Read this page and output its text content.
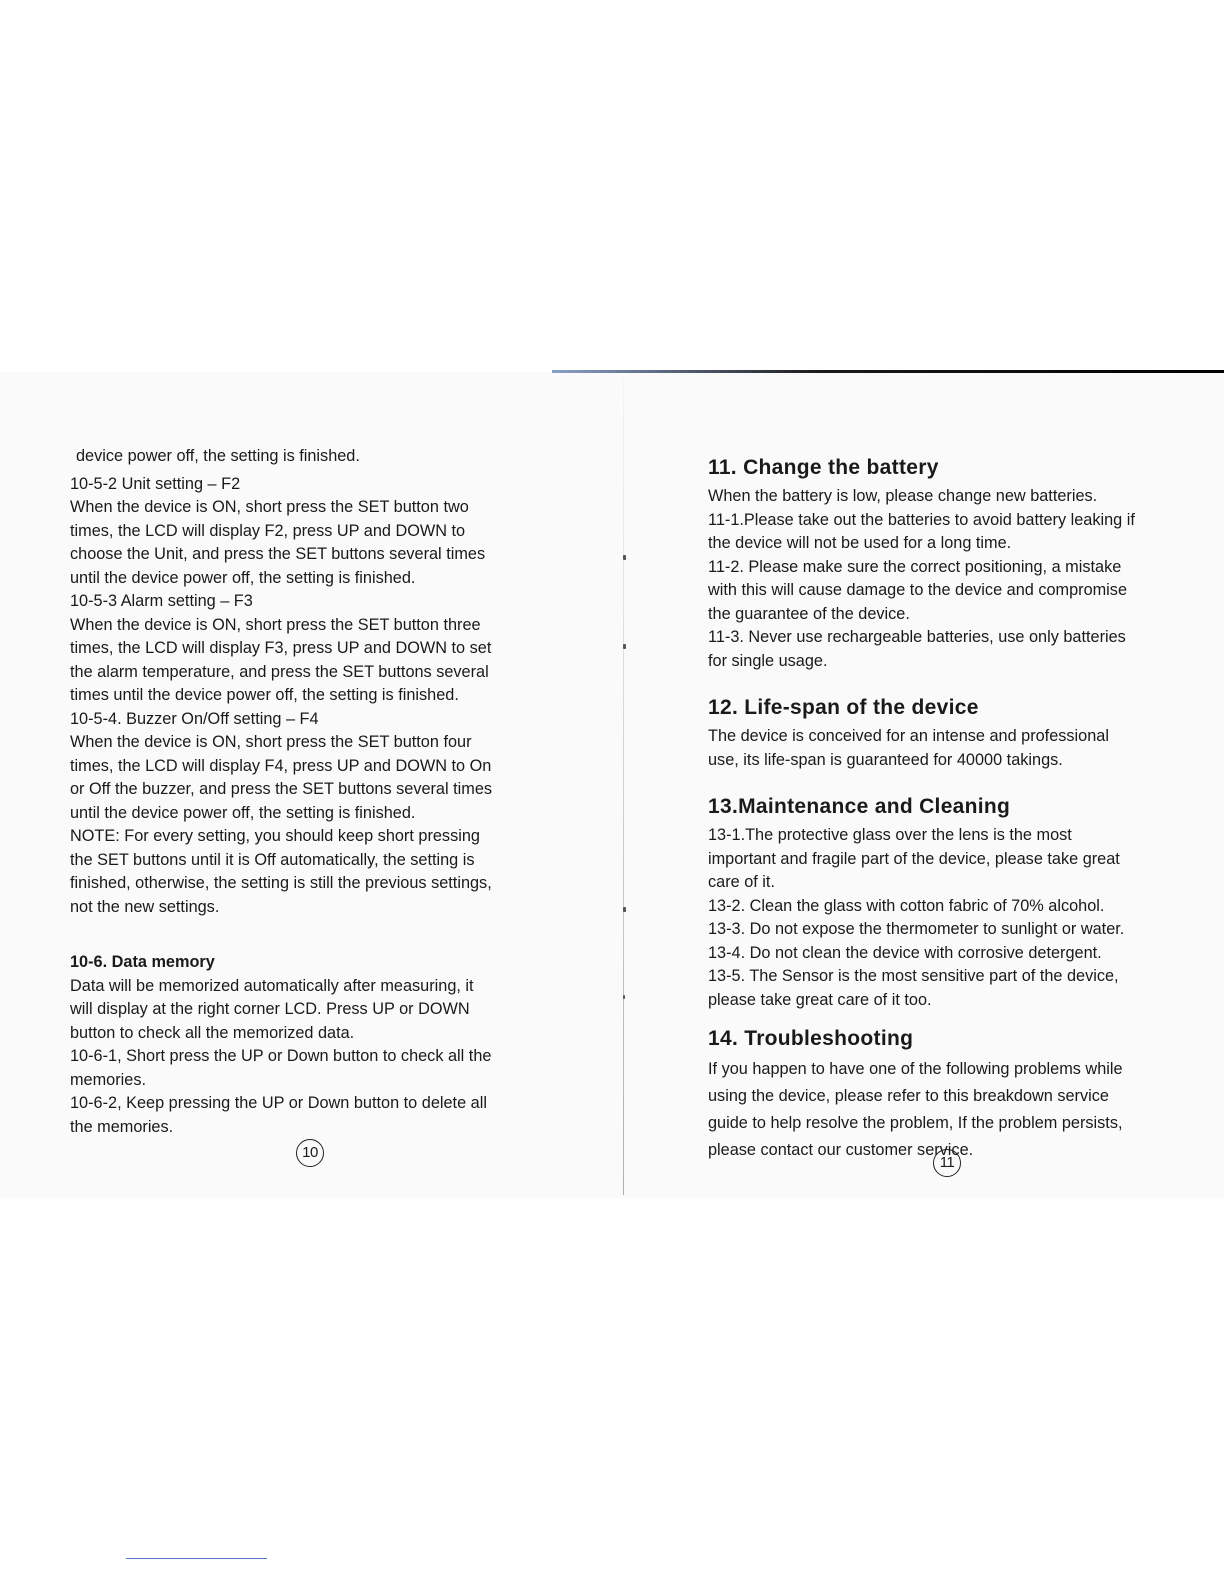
device power off, the setting is finished.

10-5-2 Unit setting – F2

When the device is ON, short press the SET button two
times, the LCD will display F2, press UP and DOWN to
choose the Unit, and press the SET buttons several times
until the device power off, the setting is finished.

10-5-3 Alarm setting – F3

When the device is ON, short press the SET button three
times, the LCD will display F3, press UP and DOWN to set
the alarm temperature, and press the SET buttons several
times until the device power off, the setting is finished.

10-5-4. Buzzer On/Off setting – F4

When the device is ON, short press the SET button four
times, the LCD will display F4, press UP and DOWN to On
or Off the buzzer, and press the SET buttons several times
until the device power off, the setting is finished.

NOTE: For every setting, you should keep short pressing
the SET buttons until it is Off automatically, the setting is
finished, otherwise, the setting is still the previous settings,
not the new settings.

10-6. Data memory

Data will be memorized automatically after measuring, it
will display at the right corner LCD. Press UP or DOWN
button to check all the memorized data.

10-6-1, Short press the UP or Down button to check all the
memories.

10-6-2, Keep pressing the UP or Down button to delete all
the memories.

10
11. Change the battery

When the battery is low, please change new batteries.

11-1.Please take out the batteries to avoid battery leaking if
the device will not be used for a long time.

11-2. Please make sure the correct positioning, a mistake
with this will cause damage to the device and compromise
the guarantee of the device.

11-3. Never use rechargeable batteries, use only batteries
for single usage.

12. Life-span of the device

The device is conceived for an intense and professional
use, its life-span is guaranteed for 40000 takings.

13.Maintenance and Cleaning

13-1.The protective glass over the lens is the most
important and fragile part of the device, please take great
care of it.

13-2. Clean the glass with cotton fabric of 70% alcohol.

13-3. Do not expose the thermometer to sunlight or water.

13-4. Do not clean the device with corrosive detergent.

13-5. The Sensor is the most sensitive part of the device,
please take great care of it too.

14. Troubleshooting

If you happen to have one of the following problems while
using the device, please refer to this breakdown service
guide to help resolve the problem, If the problem persists,
please contact our customer service.

11
